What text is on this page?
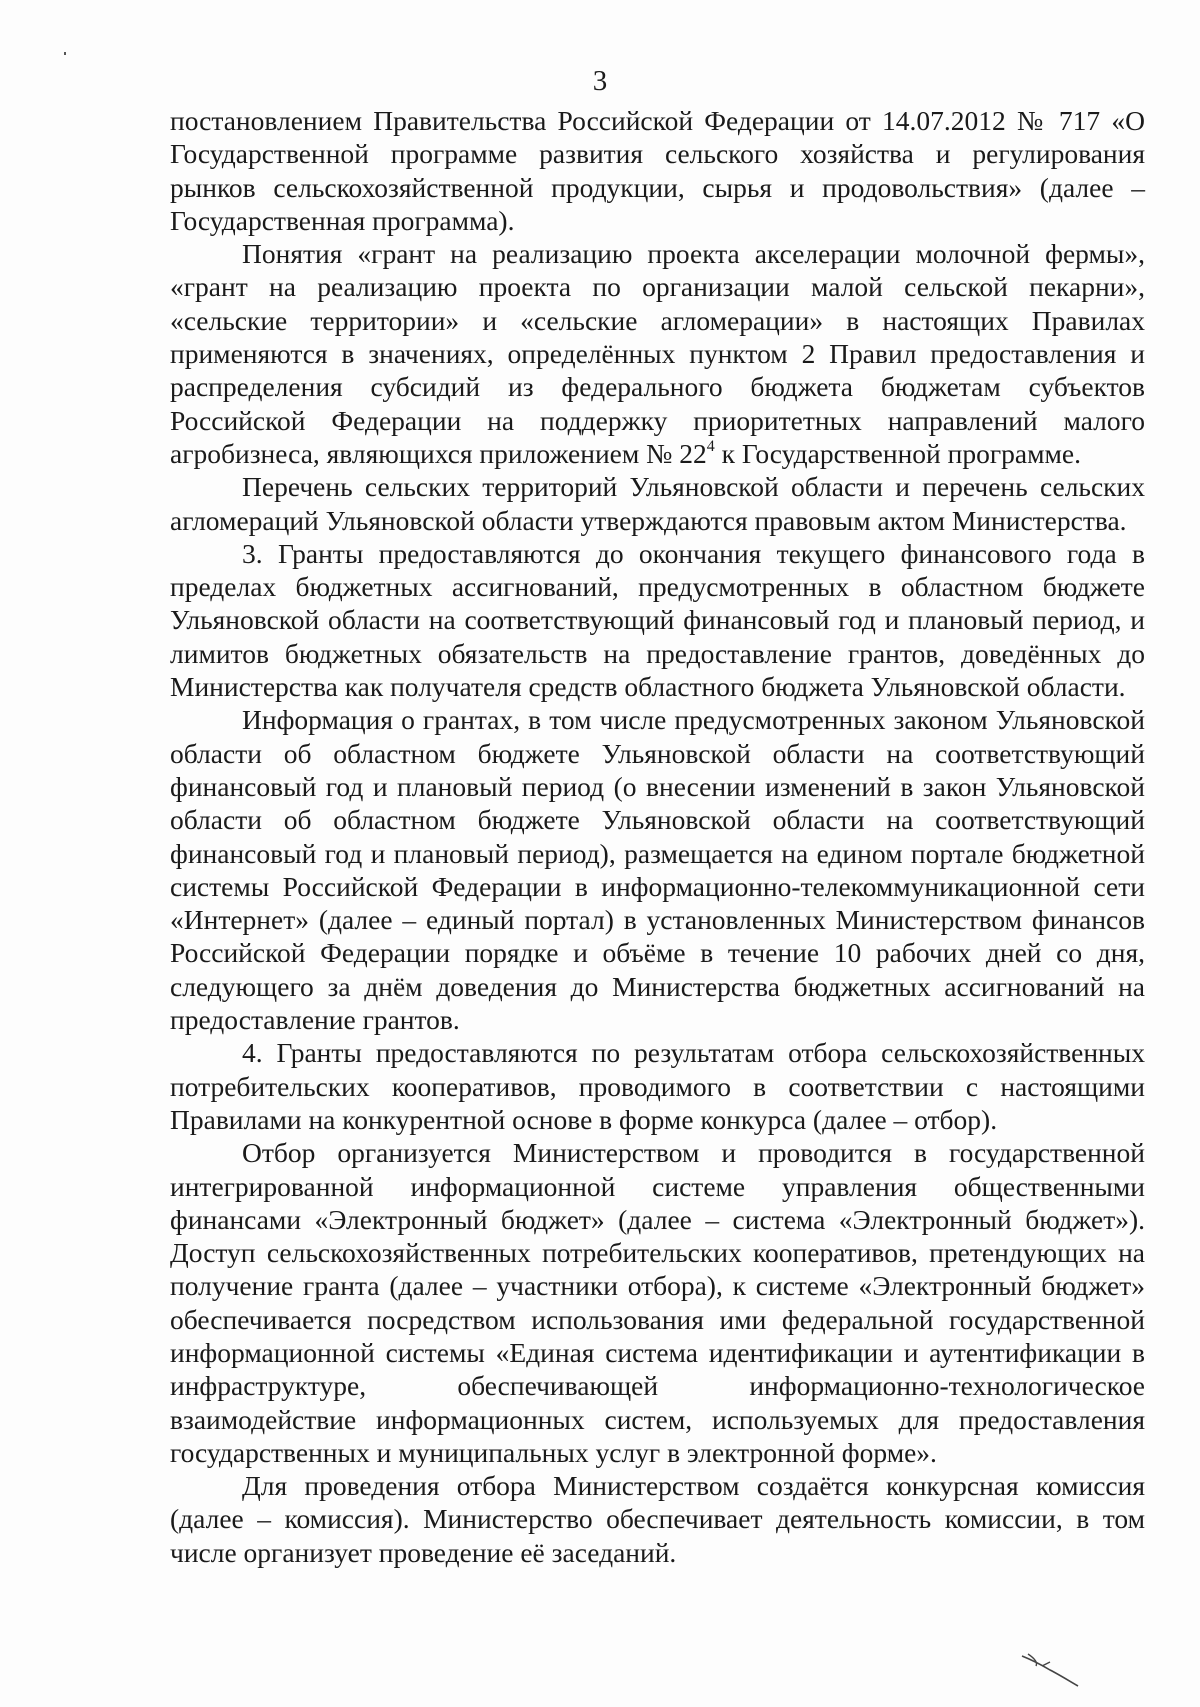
3

постановлением Правительства Российской Федерации от 14.07.2012 № 717 «О Государственной программе развития сельского хозяйства и регулирования рынков сельскохозяйственной продукции, сырья и продовольствия» (далее – Государственная программа).

Понятия «грант на реализацию проекта акселерации молочной фермы», «грант на реализацию проекта по организации малой сельской пекарни», «сельские территории» и «сельские агломерации» в настоящих Правилах применяются в значениях, определённых пунктом 2 Правил предоставления и распределения субсидий из федерального бюджета бюджетам субъектов Российской Федерации на поддержку приоритетных направлений малого агробизнеса, являющихся приложением № $22^4$ к Государственной программе.

Перечень сельских территорий Ульяновской области и перечень сельских агломераций Ульяновской области утверждаются правовым актом Министерства.

3. Гранты предоставляются до окончания текущего финансового года в пределах бюджетных ассигнований, предусмотренных в областном бюджете Ульяновской области на соответствующий финансовый год и плановый период, и лимитов бюджетных обязательств на предоставление грантов, доведённых до Министерства как получателя средств областного бюджета Ульяновской области.

Информация о грантах, в том числе предусмотренных законом Ульяновской области об областном бюджете Ульяновской области на соответствующий финансовый год и плановый период (о внесении изменений в закон Ульяновской области об областном бюджете Ульяновской области на соответствующий финансовый год и плановый период), размещается на едином портале бюджетной системы Российской Федерации в информационно-телекоммуникационной сети «Интернет» (далее – единый портал) в установленных Министерством финансов Российской Федерации порядке и объёме в течение 10 рабочих дней со дня, следующего за днём доведения до Министерства бюджетных ассигнований на предоставление грантов.

4. Гранты предоставляются по результатам отбора сельскохозяйственных потребительских кооперативов, проводимого в соответствии с настоящими Правилами на конкурентной основе в форме конкурса (далее – отбор).

Отбор организуется Министерством и проводится в государственной интегрированной информационной системе управления общественными финансами «Электронный бюджет» (далее – система «Электронный бюджет»). Доступ сельскохозяйственных потребительских кооперативов, претендующих на получение гранта (далее – участники отбора), к системе «Электронный бюджет» обеспечивается посредством использования ими федеральной государственной информационной системы «Единая система идентификации и аутентификации в инфраструктуре, обеспечивающей информационно-технологическое взаимодействие информационных систем, используемых для предоставления государственных и муниципальных услуг в электронной форме».

Для проведения отбора Министерством создаётся конкурсная комиссия (далее – комиссия). Министерство обеспечивает деятельность комиссии, в том числе организует проведение её заседаний.
